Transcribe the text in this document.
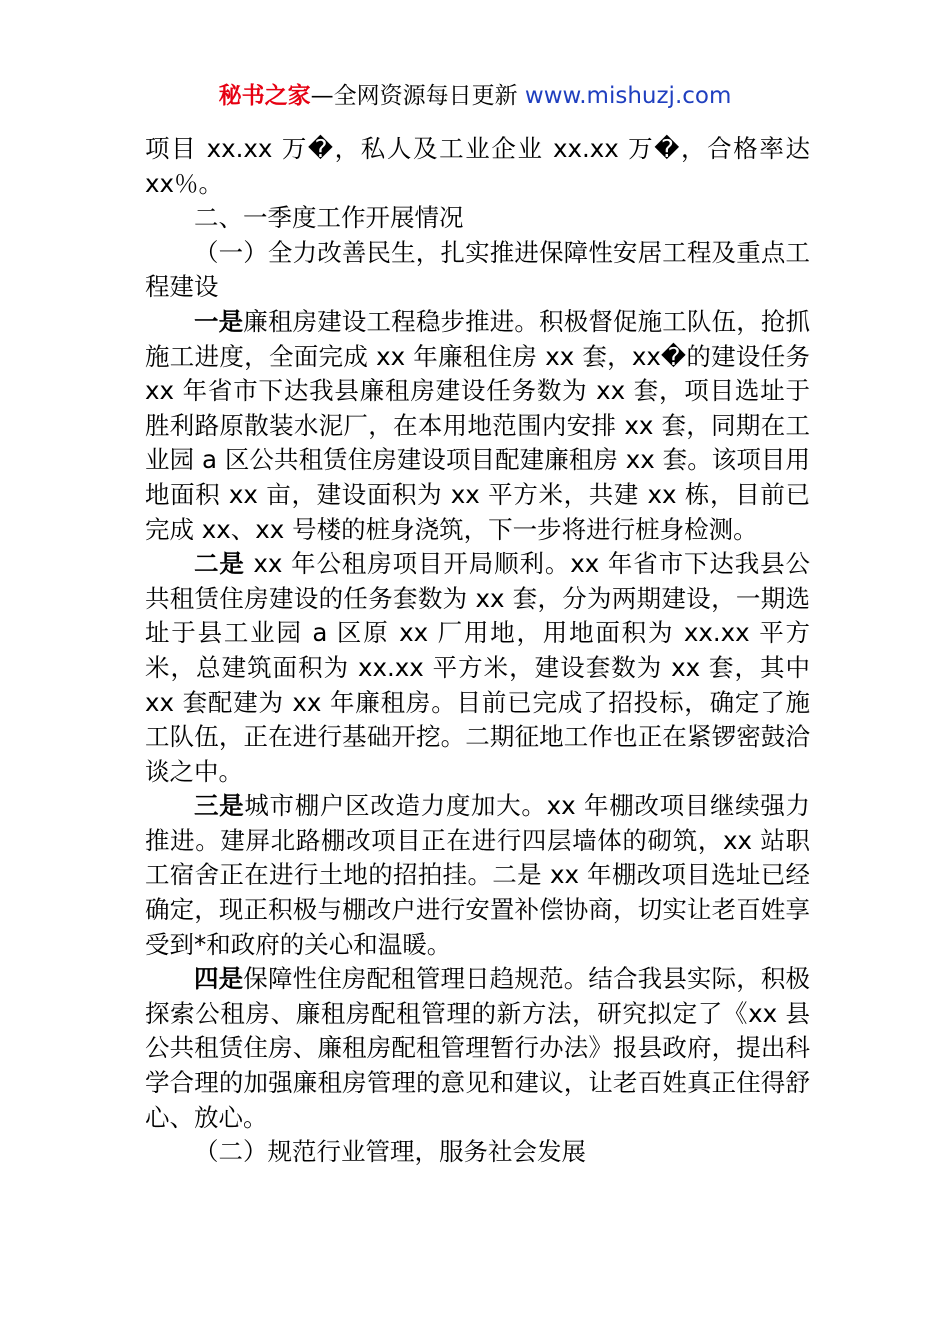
秘书之家—全网资源每日更新 www.mishuzj.com

项目 xx.xx 万�，私人及工业企业 xx.xx 万�，合格率达 xx％。

二、一季度工作开展情况

（一）全力改善民生，扎实推进保障性安居工程及重点工程建设

一是廉租房建设工程稳步推进。积极督促施工队伍，抢抓施工进度，全面完成 xx 年廉租住房 xx 套，xx�的建设任务 xx 年省市下达我县廉租房建设任务数为 xx 套，项目选址于胜利路原散装水泥厂，在本用地范围内安排 xx 套，同期在工业园 a 区公共租赁住房建设项目配建廉租房 xx 套。该项目用地面积 xx 亩，建设面积为 xx 平方米，共建 xx 栋，目前已完成 xx、xx 号楼的桩身浇筑，下一步将进行桩身检测。

二是 xx 年公租房项目开局顺利。xx 年省市下达我县公共租赁住房建设的任务套数为 xx 套，分为两期建设，一期选址于县工业园 a 区原 xx 厂用地，用地面积为 xx.xx 平方米，总建筑面积为 xx.xx 平方米，建设套数为 xx 套，其中 xx 套配建为 xx 年廉租房。目前已完成了招投标，确定了施工队伍，正在进行基础开挖。二期征地工作也正在紧锣密鼓洽谈之中。

三是城市棚户区改造力度加大。xx 年棚改项目继续强力推进。建屏北路棚改项目正在进行四层墙体的砌筑，xx 站职工宿舍正在进行土地的招拍挂。二是 xx 年棚改项目选址已经确定，现正积极与棚改户进行安置补偿协商，切实让老百姓享受到*和政府的关心和温暖。

四是保障性住房配租管理日趋规范。结合我县实际，积极探索公租房、廉租房配租管理的新方法，研究拟定了《xx 县公共租赁住房、廉租房配租管理暂行办法》报县政府，提出科学合理的加强廉租房管理的意见和建议，让老百姓真正住得舒心、放心。

（二）规范行业管理，服务社会发展
